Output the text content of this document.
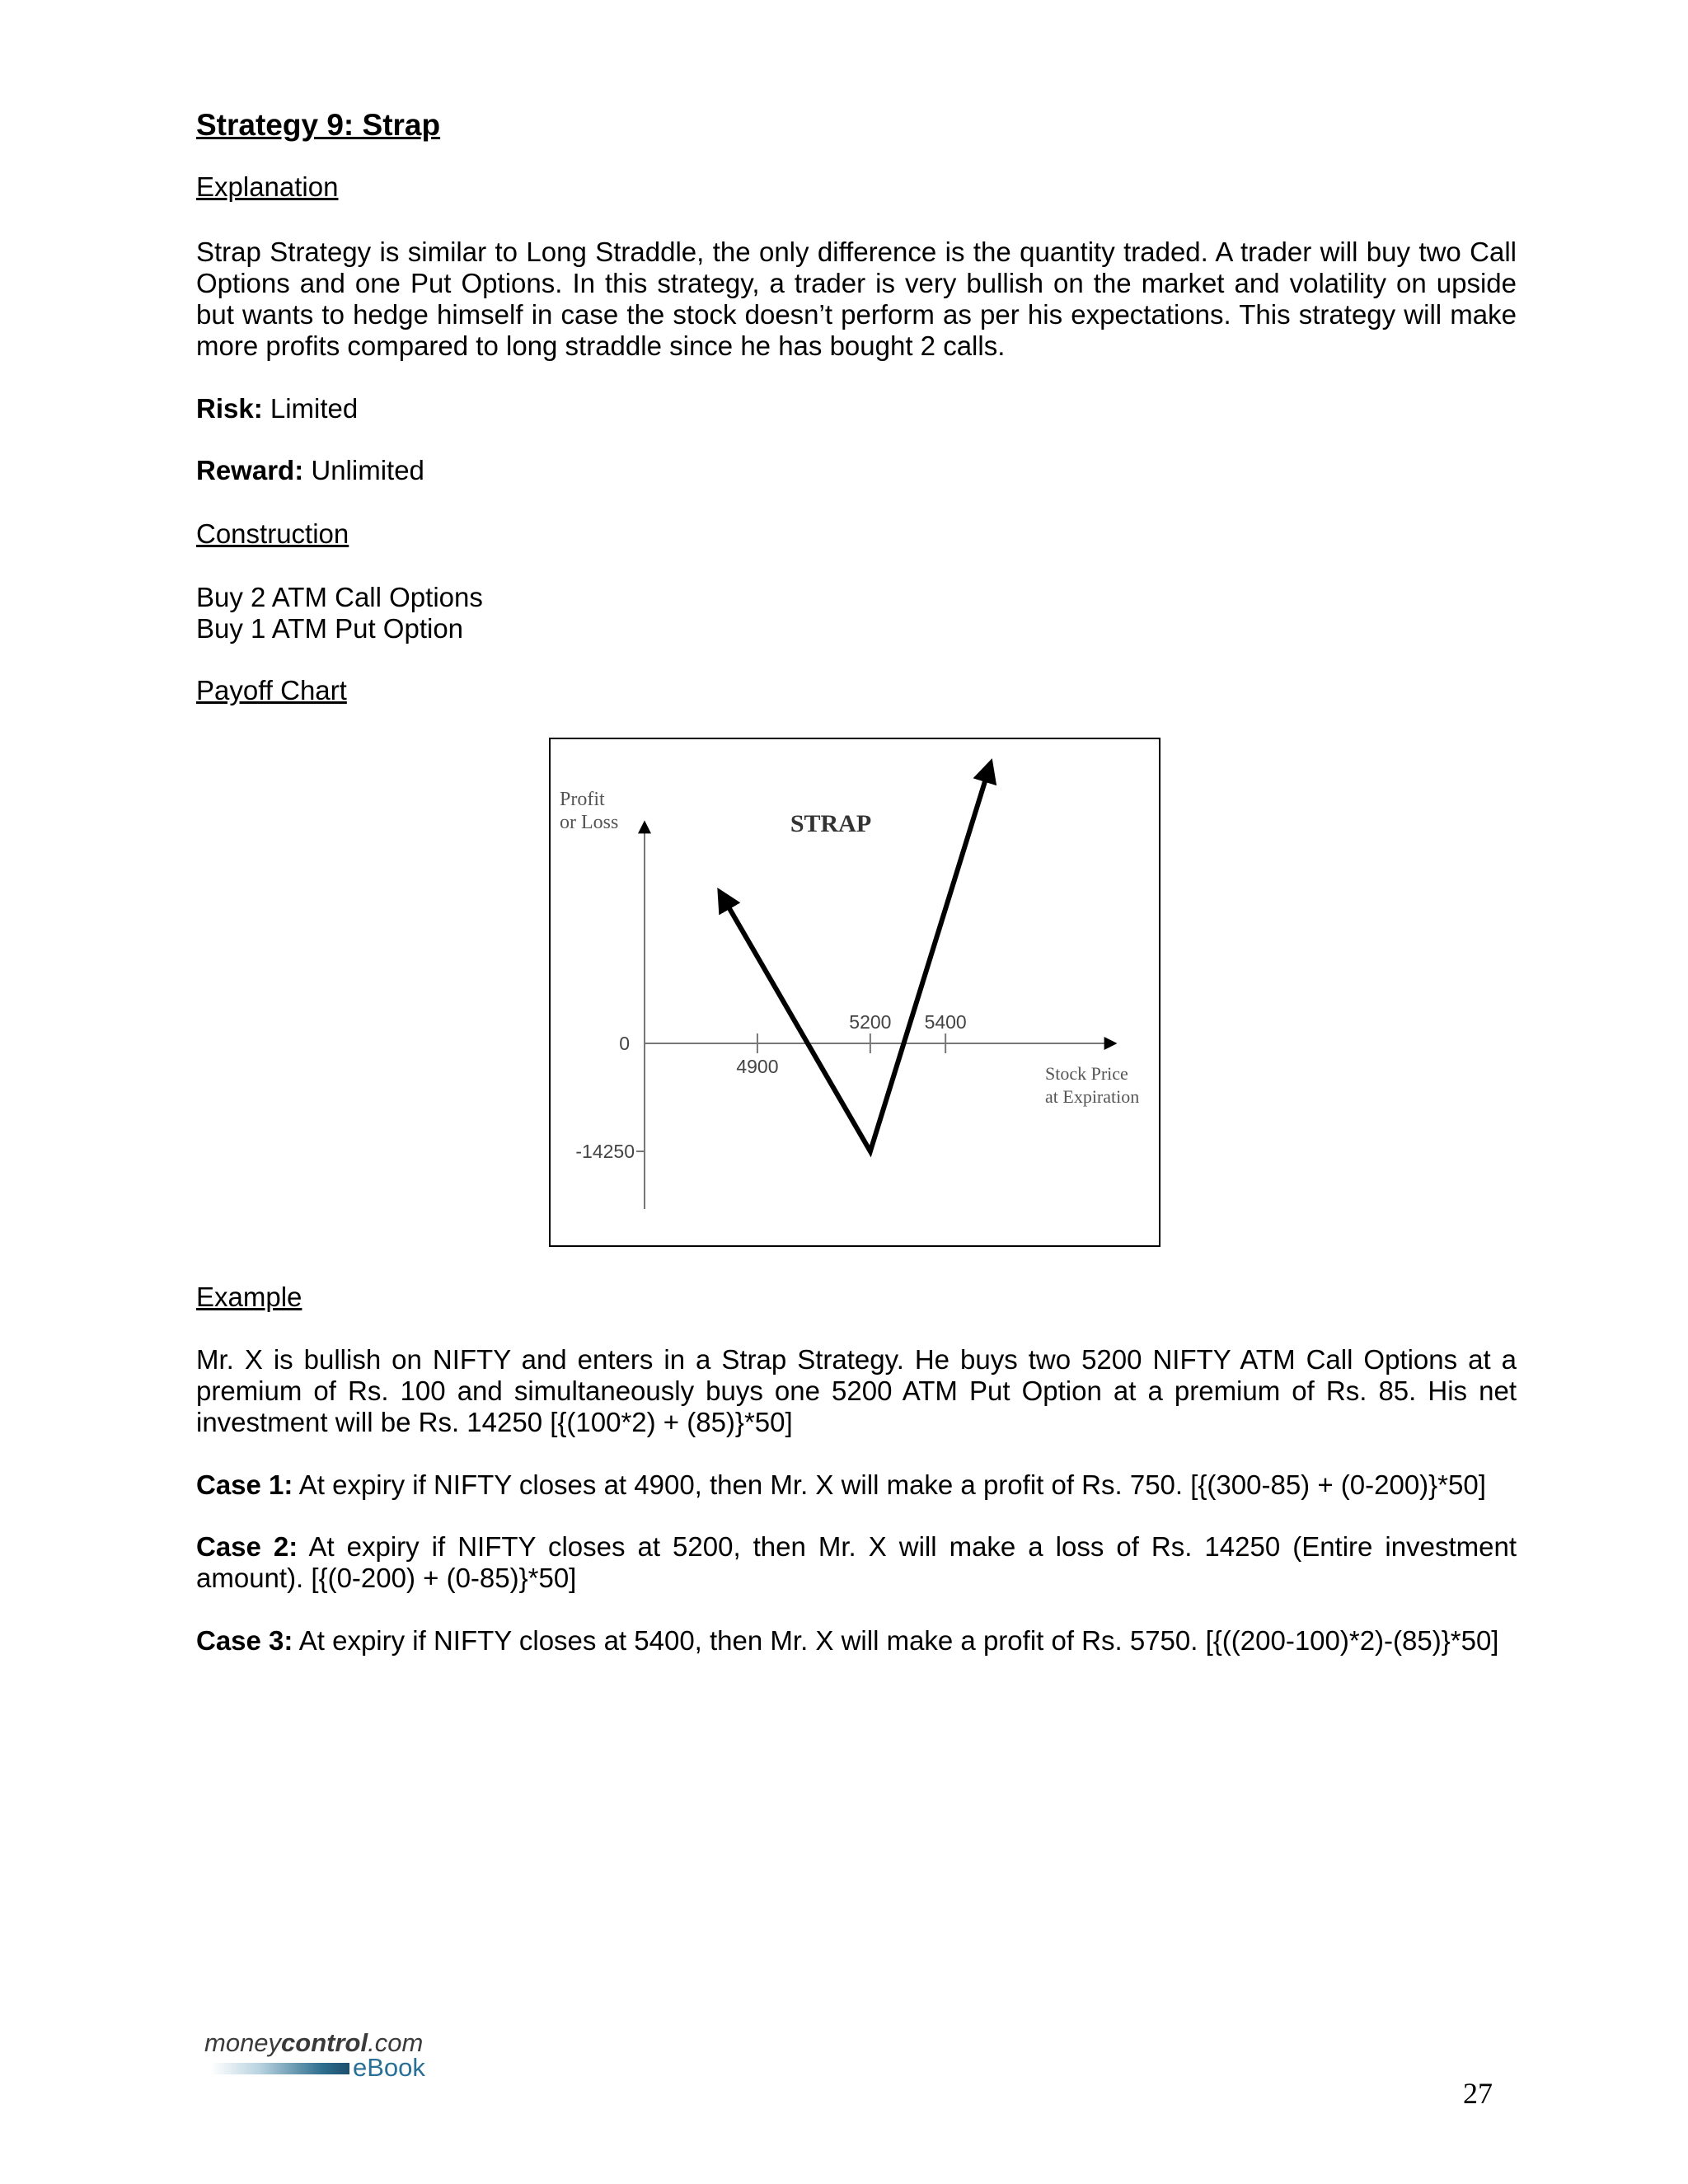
Strategy 9: Strap
Explanation
Strap Strategy is similar to Long Straddle, the only difference is the quantity traded. A trader will buy two Call Options and one Put Options. In this strategy, a trader is very bullish on the market and volatility on upside but wants to hedge himself in case the stock doesn’t perform as per his expectations. This strategy will make more profits compared to long straddle since he has bought 2 calls.
Risk: Limited
Reward: Unlimited
Construction
Buy 2 ATM Call Options
Buy 1 ATM Put Option
Payoff Chart
Example
Mr. X is bullish on NIFTY and enters in a Strap Strategy. He buys two 5200 NIFTY ATM Call Options at a premium of Rs. 100 and simultaneously buys one 5200 ATM Put Option at a premium of Rs. 85. His net investment will be Rs. 14250 [{(100*2) + (85)}*50]
Case 1: At expiry if NIFTY closes at 4900, then Mr. X will make a profit of Rs. 750. [{(300-85) + (0-200)}*50]
Case 2: At expiry if NIFTY closes at 5200, then Mr. X will make a loss of Rs. 14250 (Entire investment amount). [{(0-200) + (0-85)}*50]
Case 3: At expiry if NIFTY closes at 5400, then Mr. X will make a profit of Rs. 5750. [{((200-100)*2)-(85)}*50]
Profit
or Loss	STRAP
Stock Price
at Expiration
4900
5200 5400
0
-14250
moneycontrol.com
eBook
27
